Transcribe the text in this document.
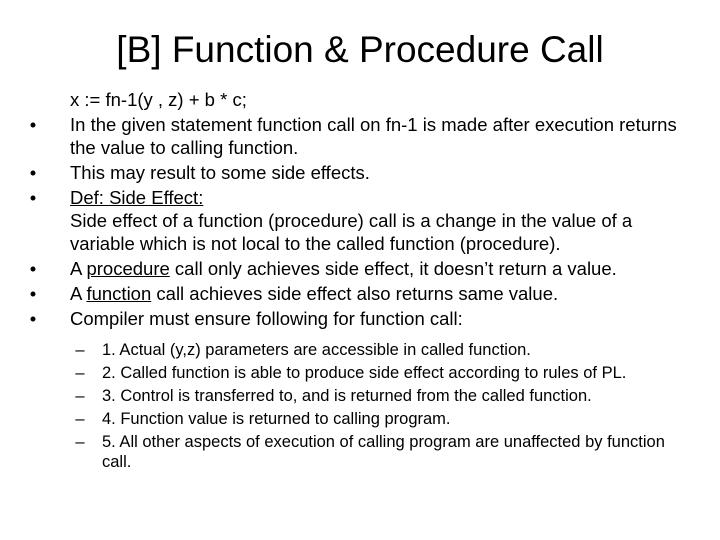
[B] Function & Procedure Call
x := fn-1(y , z) + b * c;
• In the given statement function call on fn-1 is made after execution returns the value to calling function.
• This may result to some side effects.
• Def: Side Effect:
Side effect of a function (procedure) call is a change in the value of a variable which is not local to the called function (procedure).
• A procedure call only achieves side effect, it doesn’t return a value.
• A function call achieves side effect also returns same value.
• Compiler must ensure following for function call:
–	1. Actual (y,z) parameters are accessible in called function.
–	2. Called function is able to produce side effect according to rules of PL.
–	3. Control is transferred to, and is returned from the called function.
–	4. Function value is returned to calling program.
–	5. All other aspects of execution of calling program are unaffected by function call.
